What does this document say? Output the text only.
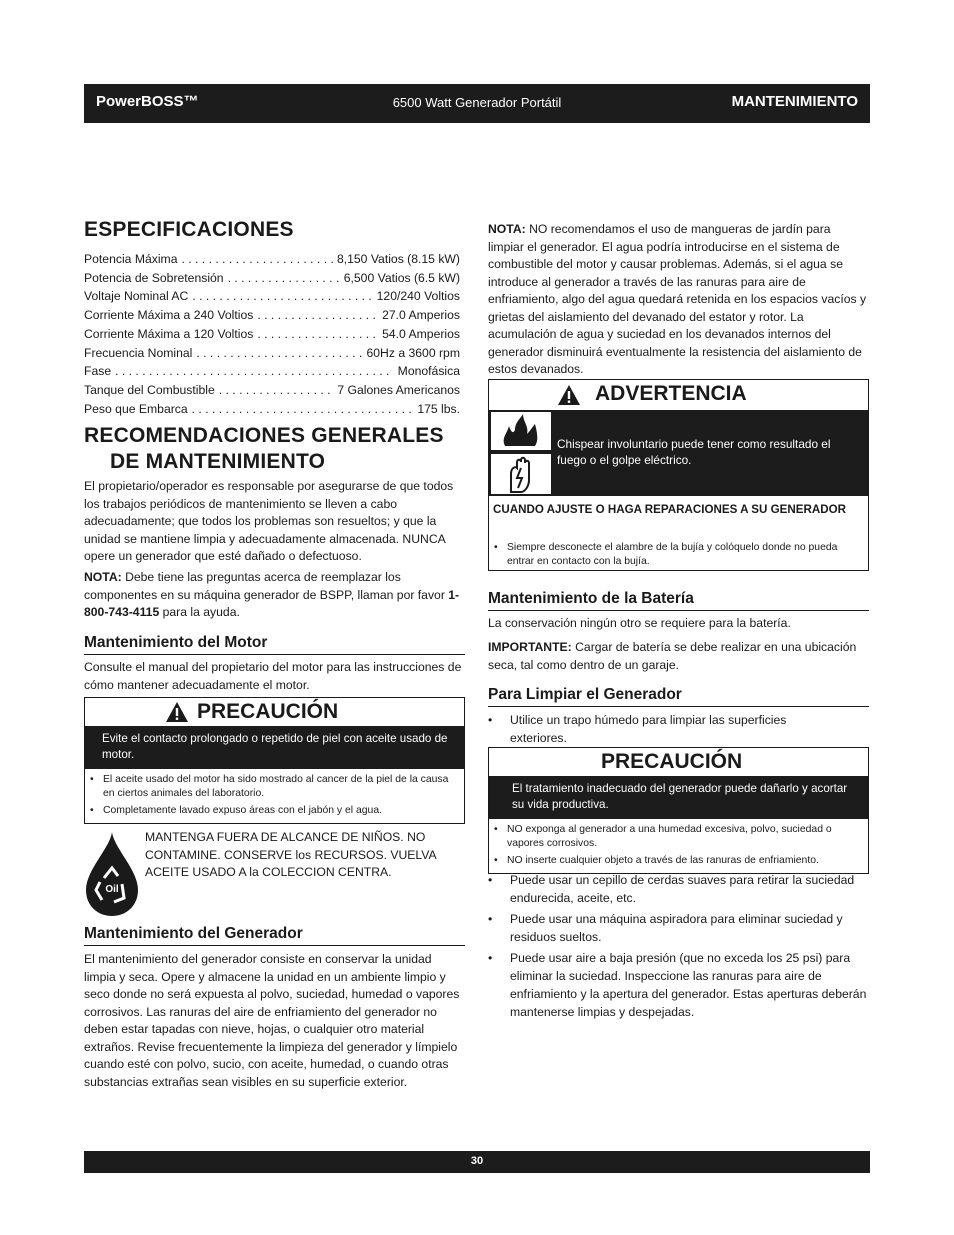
PowerBOSS™	6500 Watt Generador Portátil	MANTENIMIENTO
ESPECIFICACIONES
Potencia Máxima . . .	8,150 Vatios (8.15 kW)
Potencia de Sobretensión . . .	6,500 Vatios (6.5 kW)
Voltaje Nominal AC . . .	120/240 Voltios
Corriente Máxima a 240 Voltios . . .	27.0 Amperios
Corriente Máxima a 120 Voltios . . .	54.0 Amperios
Frecuencia Nominal . . .	60Hz a 3600 rpm
Fase . . .	Monofásica
Tanque del Combustible . . .	7 Galones Americanos
Peso que Embarca . . .	175 lbs.
RECOMENDACIONES GENERALES
DE MANTENIMIENTO

El propietario/operador es responsable por asegurarse de que todos los trabajos periódicos de mantenimiento se lleven a cabo adecuadamente; que todos los problemas son resueltos; y que la unidad se mantiene limpia y adecuadamente almacenada. NUNCA opere un generador que esté dañado o defectuoso.

NOTA: Debe tiene las preguntas acerca de reemplazar los componentes en su máquina generador de BSPP, llaman por favor 1-800-743-4115 para la ayuda.

Mantenimiento del Motor

Consulte el manual del propietario del motor para las instrucciones de cómo mantener adecuadamente el motor.

PRECAUCIÓN
Evite el contacto prolongado o repetido de piel con aceite usado de motor.
• El aceite usado del motor ha sido mostrado al cancer de la piel de la causa en ciertos animales del laboratorio.
• Completamente lavado expuso áreas con el jabón y el agua.
Oil

MANTENGA FUERA DE ALCANCE DE NIÑOS. NO CONTAMINE. CONSERVE los RECURSOS. VUELVA ACEITE USADO A la COLECCION CENTRA.

Mantenimiento del Generador

El mantenimiento del generador consiste en conservar la unidad limpia y seca. Opere y almacene la unidad en un ambiente limpio y seco donde no será expuesta al polvo, suciedad, humedad o vapores corrosivos. Las ranuras del aire de enfriamiento del generador no deben estar tapadas con nieve, hojas, o cualquier otro material extraños. Revise frecuentemente la limpieza del generador y límpielo cuando esté con polvo, sucio, con aceite, humedad, o cuando otras substancias extrañas sean visibles en su superficie exterior.

NOTA: NO recomendamos el uso de mangueras de jardín para limpiar el generador. El agua podría introducirse en el sistema de combustible del motor y causar problemas. Además, si el agua se introduce al generador a través de las ranuras para aire de enfriamiento, algo del agua quedará retenida en los espacios vacíos y grietas del aislamiento del devanado del estator y rotor. La acumulación de agua y suciedad en los devanados internos del generador disminuirá eventualmente la resistencia del aislamiento de estos devanados.

ADVERTENCIA
Chispear involuntario puede tener como resultado el fuego o el golpe eléctrico.
CUANDO AJUSTE O HAGA REPARACIONES A SU GENERADOR
• Siempre desconecte el alambre de la bujía y colóquelo donde no pueda entrar en contacto con la bujía.
Mantenimiento de la Batería

La conservación ningún otro se requiere para la batería.

IMPORTANTE: Cargar de batería se debe realizar en una ubicación seca, tal como dentro de un garaje.

Para Limpiar el Generador
• Utilice un trapo húmedo para limpiar las superficies exteriores.
PRECAUCIÓN
El tratamiento inadecuado del generador puede dañarlo y acortar su vida productiva.
• NO exponga al generador a una humedad excesiva, polvo, suciedad o vapores corrosivos.
• NO inserte cualquier objeto a través de las ranuras de enfriamiento.
• Puede usar un cepillo de cerdas suaves para retirar la suciedad endurecida, aceite, etc.
• Puede usar una máquina aspiradora para eliminar suciedad y residuos sueltos.
• Puede usar aire a baja presión (que no exceda los 25 psi) para eliminar la suciedad. Inspeccione las ranuras para aire de enfriamiento y la apertura del generador. Estas aperturas deberán mantenerse limpias y despejadas.
30
